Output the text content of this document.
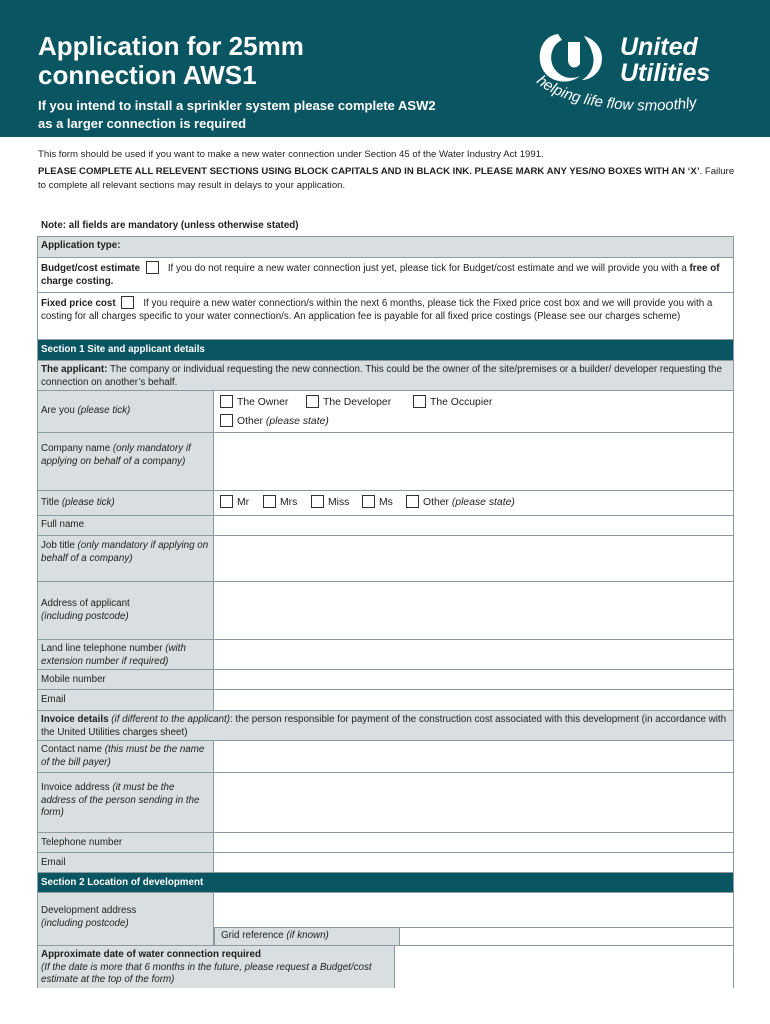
Application for 25mm
connection AWS1
If you intend to install a sprinkler system please complete ASW2
as a larger connection is required
helping life flow smoothly
United
Utilities
This form should be used if you want to make a new water connection under Section 45 of the Water Industry Act 1991.
PLEASE COMPLETE ALL RELEVENT SECTIONS USING BLOCK CAPITALS AND IN BLACK INK. PLEASE MARK ANY YES/NO BOXES WITH AN ‘X’. Failure to complete all relevant sections may result in delays to your application.
Note: all fields are mandatory (unless otherwise stated)
Application type:
Budget/cost estimate	If you do not require a new water connection just yet, please tick for Budget/cost estimate and we will provide you with a free of charge costing.
Fixed price cost	If you require a new water connection/s within the next 6 months, please tick the Fixed price cost box and we will provide you with a costing for all charges specific to your water connection/s. An application fee is payable for all fixed price costings (Please see our charges scheme)
Section 1 Site and applicant details
The applicant: The company or individual requesting the new connection. This could be the owner of the site/premises or a builder/ developer requesting the connection on another’s behalf.
Are you (please tick)
The Owner	The Developer	The Occupier
Other (please state)
Company name (only mandatory if applying on behalf of a company)
Title (please tick)	Mr	Mrs	Miss	Ms	Other (please state)
Full name
Job title (only mandatory if applying on behalf of a company)
Address of applicant
(including postcode)
Land line telephone number (with extension number if required)
Mobile number
Email
Invoice details (if different to the applicant): the person responsible for payment of the construction cost associated with this development (in accordance with the United Utilities charges sheet)
Contact name (this must be the name of the bill payer)
Invoice address (it must be the address of the person sending in the form)
Telephone number
Email
Section 2 Location of development
Development address
(including postcode)
Grid reference (if known)
Approximate date of water connection required
(If the date is more that 6 months in the future, please request a Budget/cost estimate at the top of the form)
